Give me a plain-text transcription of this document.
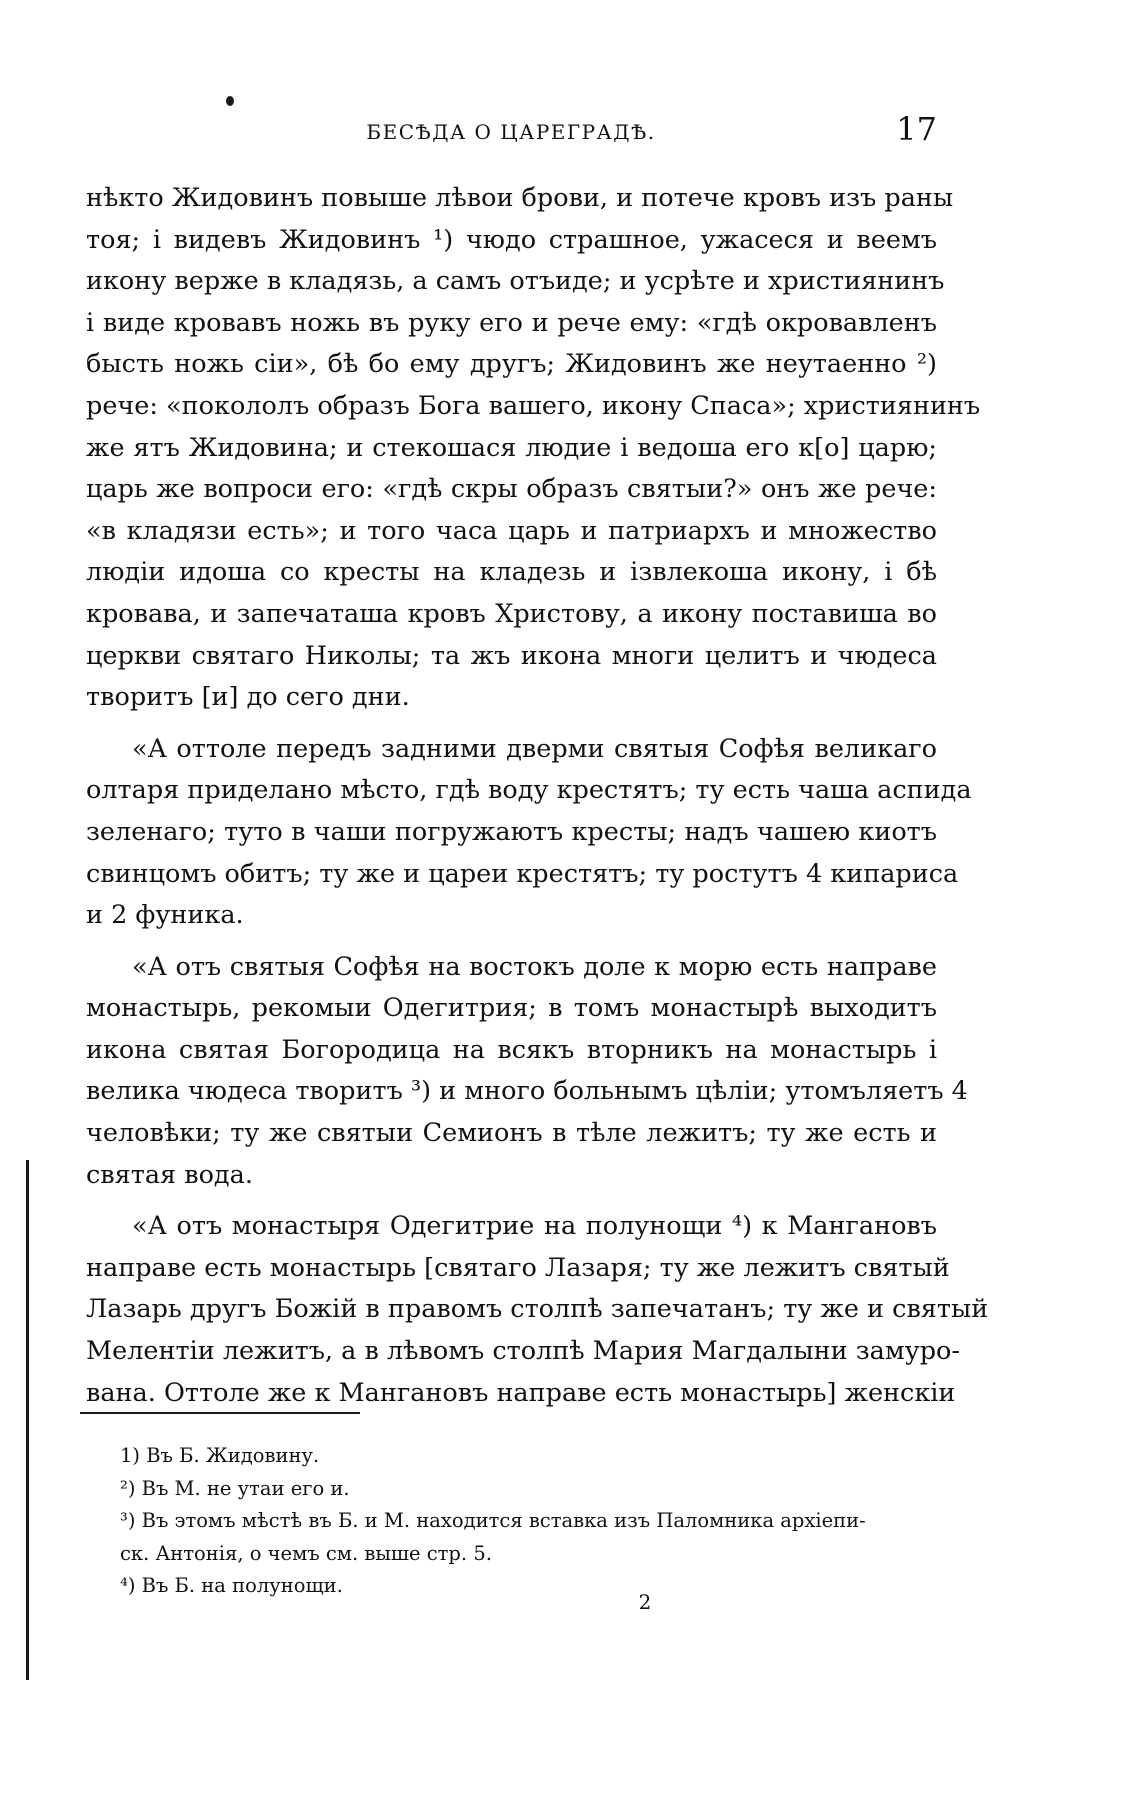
БЕСѢДА О ЦАРЕГРАДѢ.	17
нѣкто Жидовинъ повыше лѣвои брови, и потече кровъ изъ раны
тоя; і видевъ Жидовинъ ¹) чюдо страшное, ужасеся и веемъ
икону верже в кладязь, а самъ отъиде; и усрѣте и християнинъ
і виде кровавъ ножь въ руку его и рече ему: «гдѣ окровавленъ
бысть ножь сіи», бѣ бо ему другъ; Жидовинъ же неутаенно ²)
рече: «покололъ образъ Бога вашего, икону Спаса»; християнинъ
же ятъ Жидовина; и стекошася людие і ведоша его к[о] царю;
царь же вопроси его: «гдѣ скры образъ святыи?» онъ же рече:
«в кладязи есть»; и того часа царь и патриархъ и множество
людіи идоша со кресты на кладезь и ізвлекоша икону, і бѣ
кровава, и запечаташа кровъ Христову, а икону поставиша во
церкви святаго Николы; та жъ икона многи целитъ и чюдеса
творитъ [и] до сего дни.
«А оттоле передъ задними дверми святыя Софѣя великаго
олтаря приделано мѣсто, гдѣ воду крестятъ; ту есть чаша аспида
зеленаго; туто в чаши погружаютъ кресты; надъ чашею киотъ
свинцомъ обитъ; ту же и цареи крестятъ; ту ростутъ 4 кипариса
и 2 фуника.
«А отъ святыя Софѣя на востокъ доле к морю есть направе
монастырь, рекомыи Одегитрия; в томъ монастырѣ выходитъ
икона святая Богородица на всякъ вторникъ на монастырь і
велика чюдеса творитъ ³) и много больнымъ цѣліи; утомъляетъ 4
человѣки; ту же святыи Семионъ в тѣле лежитъ; ту же есть и
святая вода.
«А отъ монастыря Одегитрие на полунощи ⁴) к Мангановъ
направе есть монастырь [святаго Лазаря; ту же лежитъ святый
Лазарь другъ Божій в правомъ столпѣ запечатанъ; ту же и святый
Мелентіи лежитъ, а в лѣвомъ столпѣ Мария Магдалыни замуро-
вана. Оттоле же к Мангановъ направе есть монастырь] женскіи
1) Въ Б. Жидовину.
²) Въ М. не утаи его и.
³) Въ этомъ мѣстѣ въ Б. и М. находится вставка изъ Паломника архіепи-
ск. Антонія, о чемъ см. выше стр. 5.
⁴) Въ Б. на полунощи.
2
